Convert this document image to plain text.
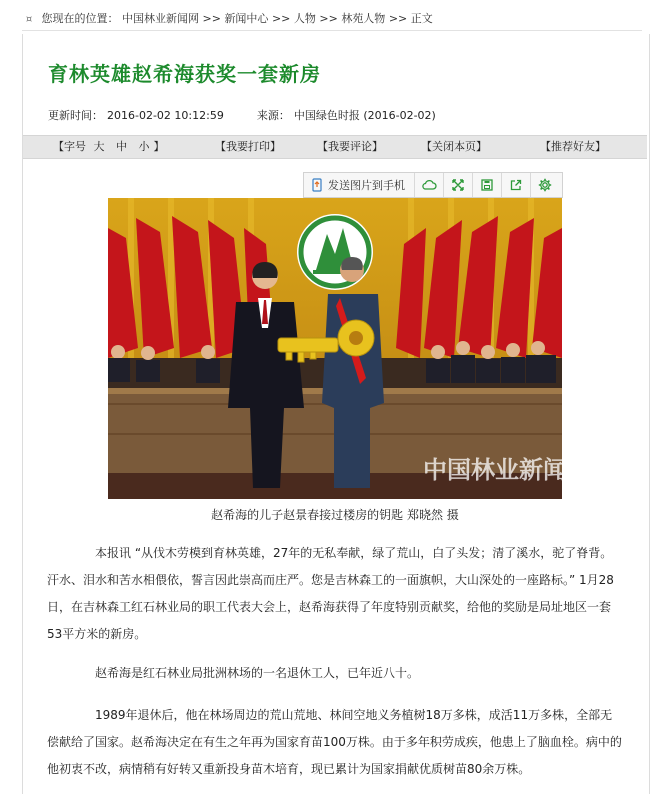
¤ 您现在的位置： 中国林业新闻网 >> 新闻中心 >> 人物 >> 林苑人物 >> 正文
育林英雄赵希海获奖一套新房
更新时间： 2016-02-02 10:12:59	来源： 中国绿色时报 (2016-02-02)
【字号 大 中 小 】	【我要打印】	【我要评论】	【关闭本页】	【推荐好友】
发送图片到手机
中国林业新闻网
赵希海的儿子赵景春接过楼房的钥匙 郑晓然 摄

本报讯 “从伐木劳模到育林英雄，27年的无私奉献，绿了荒山，白了头发；清了溪水，驼了脊背。汗水、泪水和苦水相偎依，誓言因此崇高而庄严。您是吉林森工的一面旗帜，大山深处的一座路标。” 1月28日，在吉林森工红石林业局的职工代表大会上，赵希海获得了年度特别贡献奖，给他的奖励是局址地区一套53平方米的新房。

赵希海是红石林业局批洲林场的一名退休工人，已年近八十。

1989年退休后，他在林场周边的荒山荒地、林间空地义务植树18万多株，成活11万多株，全部无偿献给了国家。赵希海决定在有生之年再为国家育苗100万株。由于多年积劳成疾，他患上了脑血栓。病中的他初衷不改，病情稍有好转又重新投身苗木培育，现已累计为国家捐献优质树苗80余万株。
